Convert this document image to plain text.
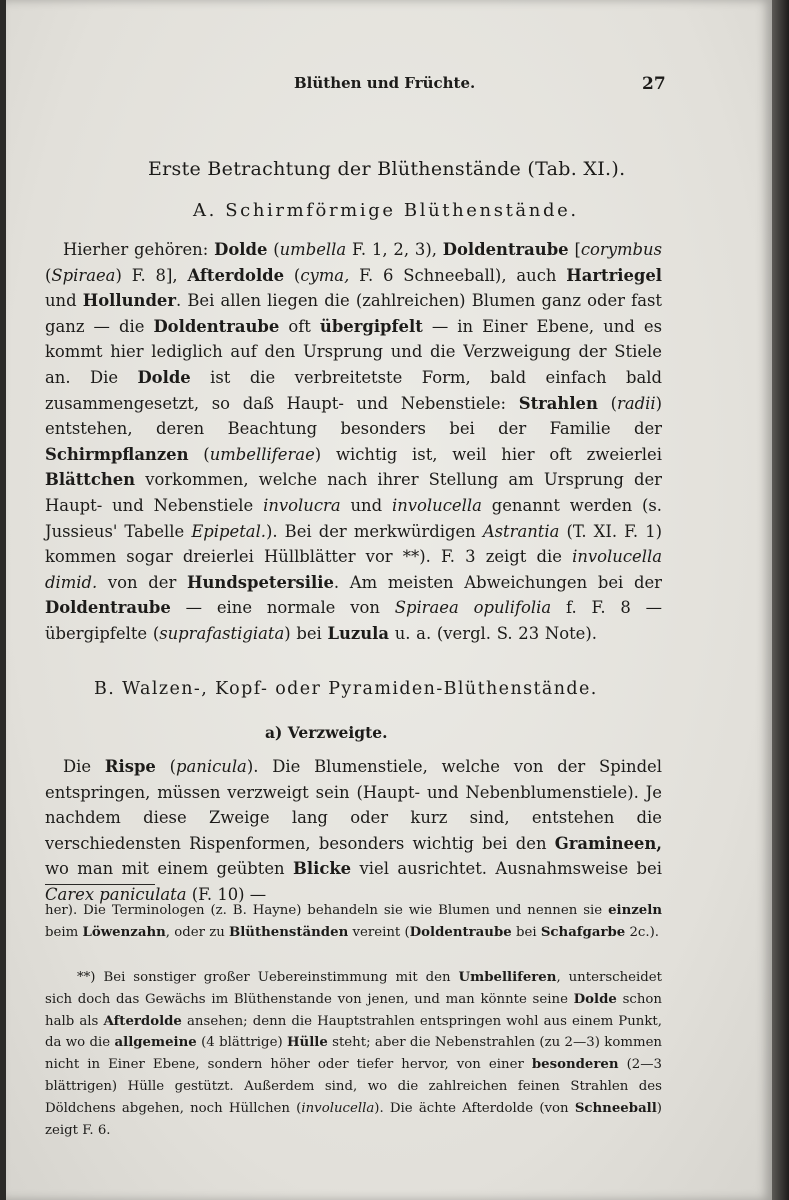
Blüthen und Früchte.	27
Erste Betrachtung der Blüthenstände (Tab. XI.).
A. Schirmförmige Blüthenstände.

Hierher gehören: Dolde (umbella F. 1, 2, 3), Doldentraube [corymbus (Spiraea) F. 8], Afterdolde (cyma, F. 6 Schneeball), auch Hartriegel und Hollunder. Bei allen liegen die (zahlreichen) Blumen ganz oder fast ganz — die Doldentraube oft übergipfelt — in Einer Ebene, und es kommt hier lediglich auf den Ursprung und die Verzweigung der Stiele an. Die Dolde ist die verbreitetste Form, bald einfach bald zusammengesetzt, so daß Haupt- und Nebenstiele: Strahlen (radii) entstehen, deren Beachtung besonders bei der Familie der Schirmpflanzen (umbelliferae) wichtig ist, weil hier oft zweierlei Blättchen vorkommen, welche nach ihrer Stellung am Ursprung der Haupt- und Nebenstiele involucra und involucella genannt werden (s. Jussieus' Tabelle Epipetal.). Bei der merkwürdigen Astrantia (T. XI. F. 1) kommen sogar dreierlei Hüllblätter vor **). F. 3 zeigt die involucella dimid. von der Hundspetersilie. Am meisten Abweichungen bei der Doldentraube — eine normale von Spiraea opulifolia f. F. 8 — übergipfelte (suprafastigiata) bei Luzula u. a. (vergl. S. 23 Note).

B. Walzen-, Kopf- oder Pyramiden-Blüthenstände.
a) Verzweigte.

Die Rispe (panicula). Die Blumenstiele, welche von der Spindel entspringen, müssen verzweigt sein (Haupt- und Nebenblumenstiele). Je nachdem diese Zweige lang oder kurz sind, entstehen die verschiedensten Rispenformen, besonders wichtig bei den Gramineen, wo man mit einem geübten Blicke viel ausrichtet. Ausnahmsweise bei Carex paniculata (F. 10) —

her). Die Terminologen (z. B. Hayne) behandeln sie wie Blumen und nennen sie einzeln beim Löwenzahn, oder zu Blüthenständen vereint (Doldentraube bei Schafgarbe 2c.).

**) Bei sonstiger großer Uebereinstimmung mit den Umbelliferen, unterscheidet sich doch das Gewächs im Blüthenstande von jenen, und man könnte seine Dolde schon halb als Afterdolde ansehen; denn die Hauptstrahlen entspringen wohl aus einem Punkt, da wo die allgemeine (4 blättrige) Hülle steht; aber die Nebenstrahlen (zu 2—3) kommen nicht in Einer Ebene, sondern höher oder tiefer hervor, von einer besonderen (2—3 blättrigen) Hülle gestützt. Außerdem sind, wo die zahlreichen feinen Strahlen des Döldchens abgehen, noch Hüllchen (involucella). Die ächte Afterdolde (von Schneeball) zeigt F. 6.
